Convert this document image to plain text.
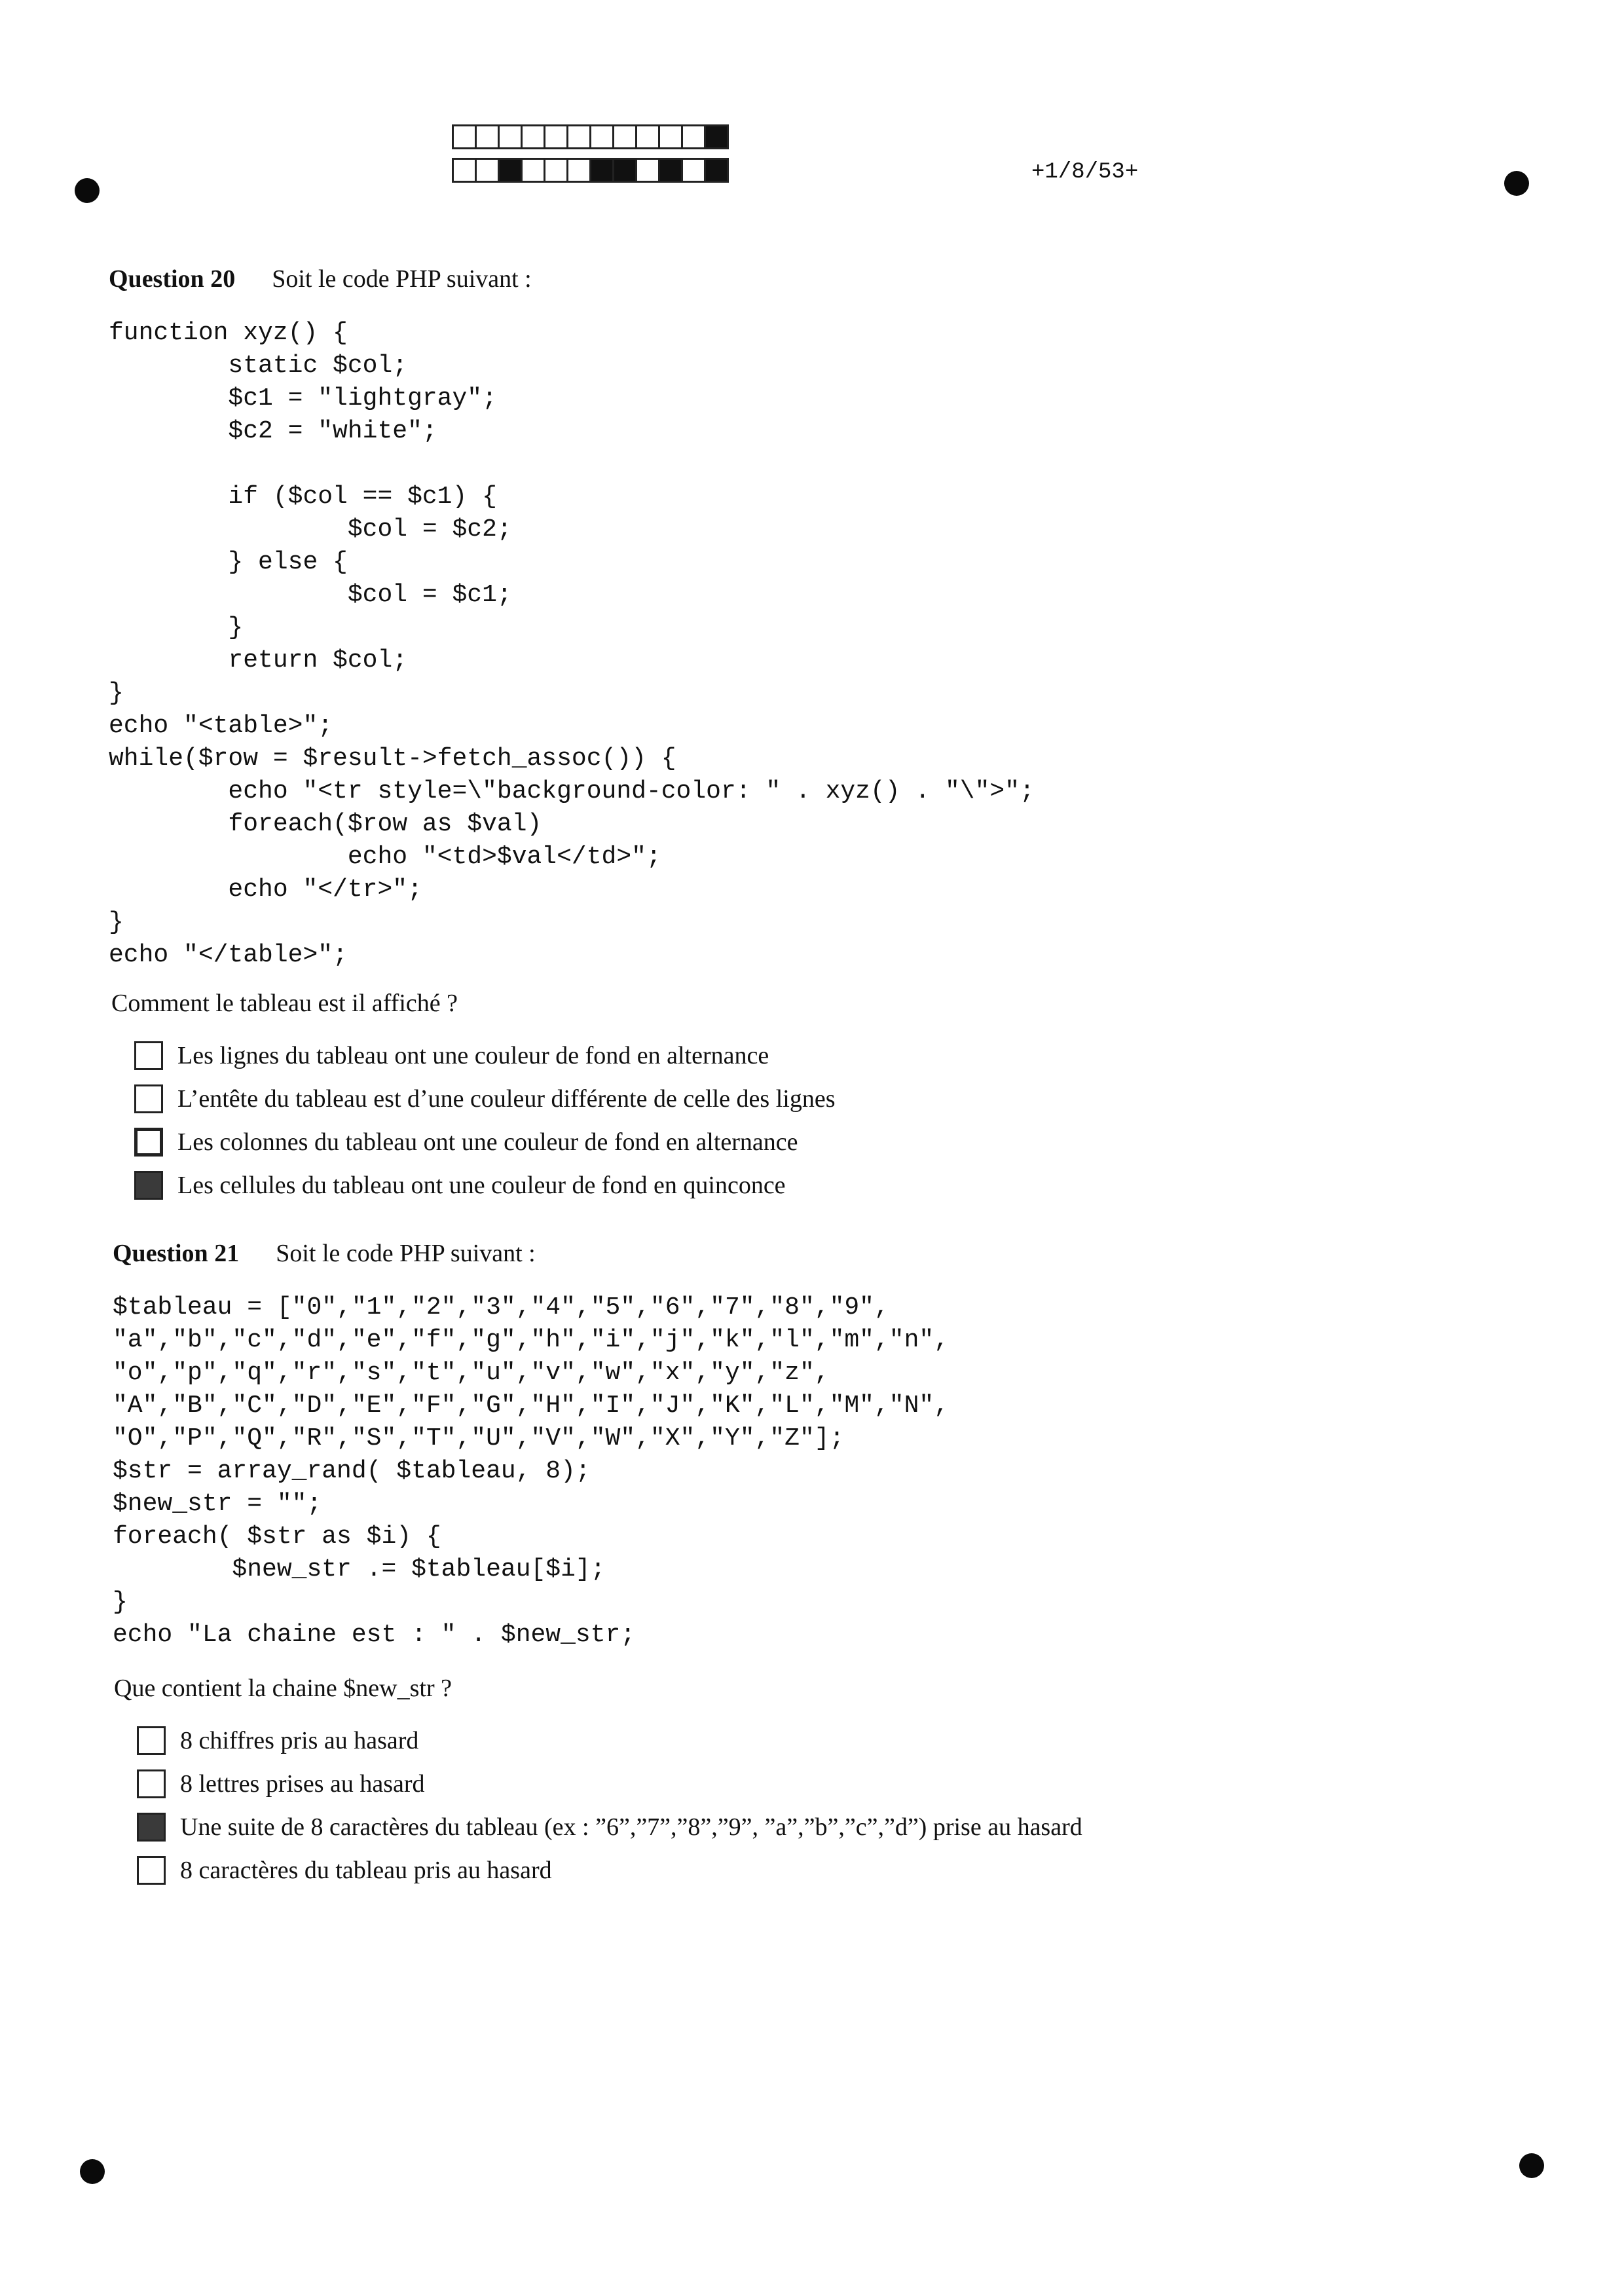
+1/8/53+
Question 20 Soit le code PHP suivant :
function xyz() {
static $col;
$c1 = "lightgray";
$c2 = "white";

if ($col == $c1) {
$col = $c2;
} else {
$col = $c1;
}
return $col;
}
echo "<table>";
while($row = $result->fetch_assoc()) {
echo "<tr style=\"background-color: " . xyz() . "\">";
foreach($row as $val)
echo "<td>$val</td>";
echo "</tr>";
}
echo "</table>";
Comment le tableau est il affiché ?
Les lignes du tableau ont une couleur de fond en alternance
L’entête du tableau est d’une couleur différente de celle des lignes
Les colonnes du tableau ont une couleur de fond en alternance
Les cellules du tableau ont une couleur de fond en quinconce
Question 21 Soit le code PHP suivant :
$tableau = ["0","1","2","3","4","5","6","7","8","9",
"a","b","c","d","e","f","g","h","i","j","k","l","m","n",
"o","p","q","r","s","t","u","v","w","x","y","z",
"A","B","C","D","E","F","G","H","I","J","K","L","M","N",
"O","P","Q","R","S","T","U","V","W","X","Y","Z"];
$str = array_rand( $tableau, 8);
$new_str = "";
foreach( $str as $i) {
$new_str .= $tableau[$i];
}
echo "La chaine est : " . $new_str;
Que contient la chaine $new_str ?
8 chiffres pris au hasard
8 lettres prises au hasard
Une suite de 8 caractères du tableau (ex : ”6”,”7”,”8”,”9”, ”a”,”b”,”c”,”d”) prise au hasard
8 caractères du tableau pris au hasard
